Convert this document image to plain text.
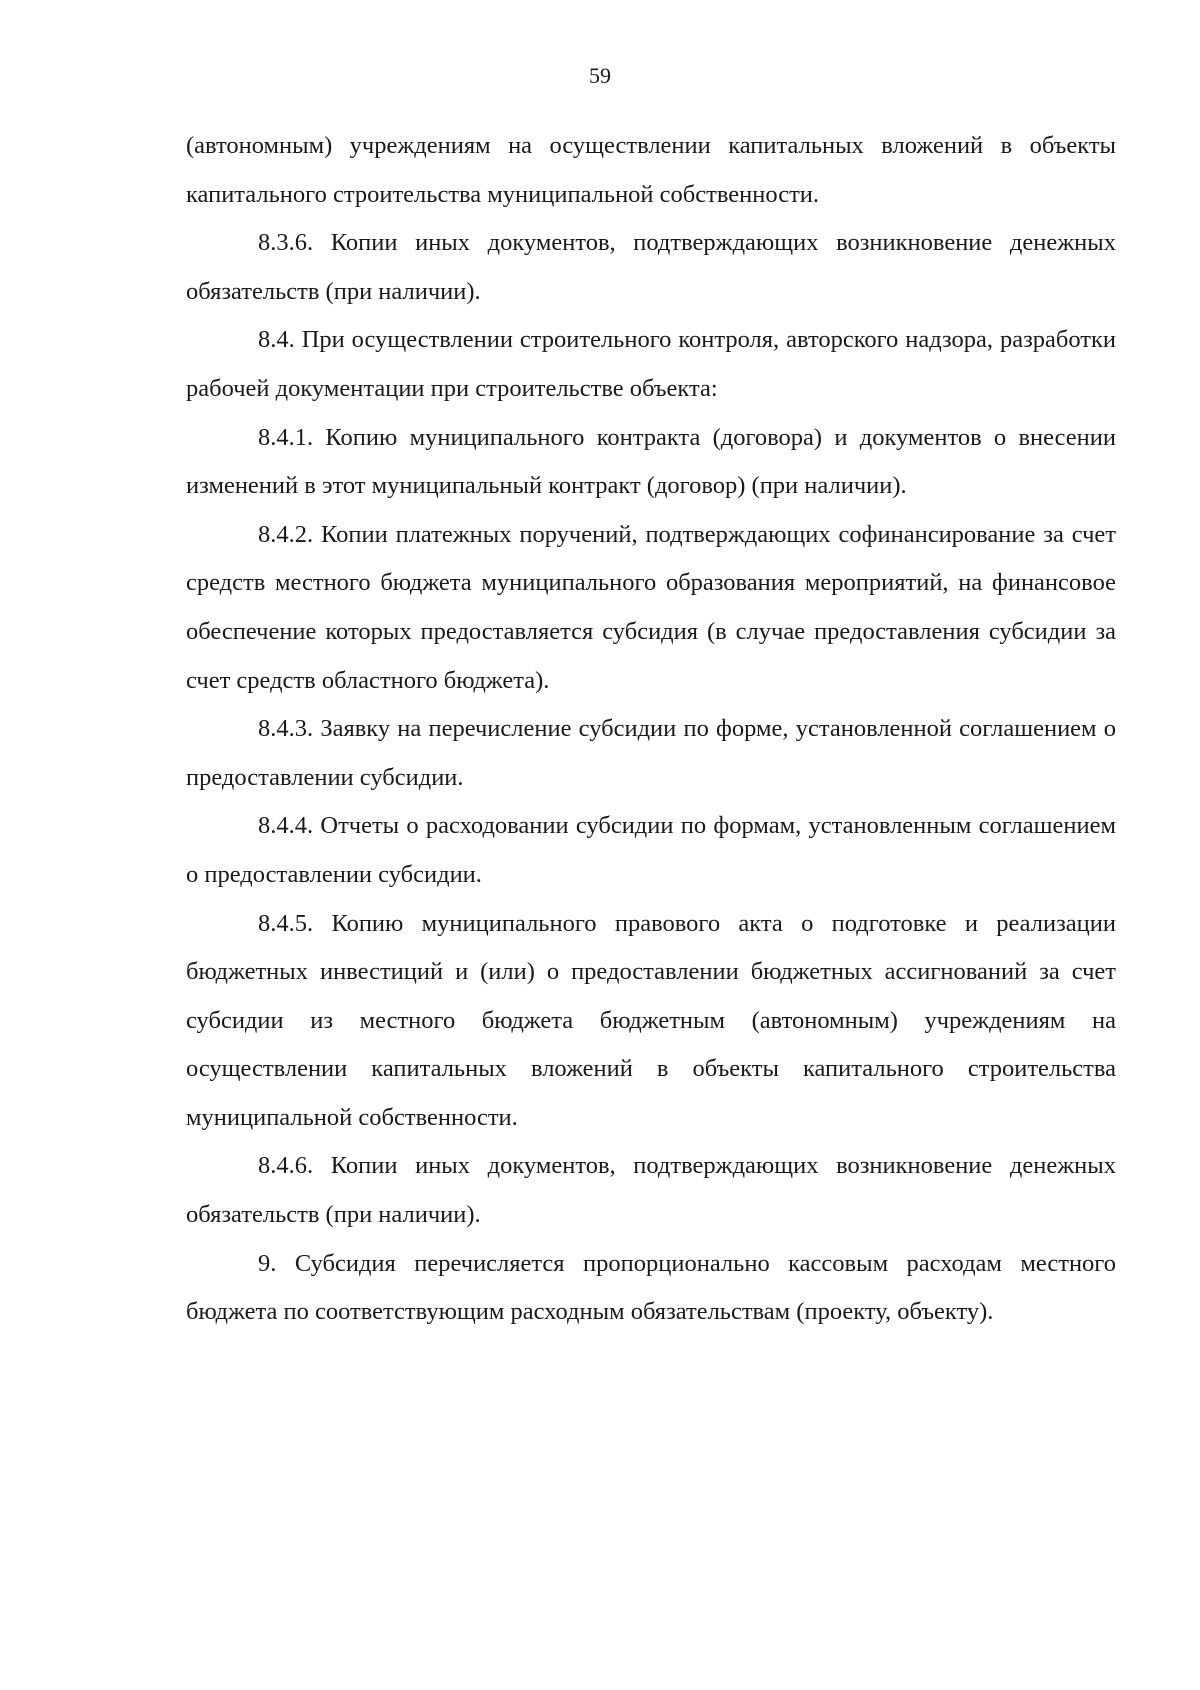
59

(автономным) учреждениям на осуществлении капитальных вложений в объекты капитального строительства муниципальной собственности.

8.3.6. Копии иных документов, подтверждающих возникновение денежных обязательств (при наличии).

8.4. При осуществлении строительного контроля, авторского надзора, разработки рабочей документации при строительстве объекта:

8.4.1. Копию муниципального контракта (договора) и документов о внесении изменений в этот муниципальный контракт (договор) (при наличии).

8.4.2. Копии платежных поручений, подтверждающих софинансирование за счет средств местного бюджета муниципального образования мероприятий, на финансовое обеспечение которых предоставляется субсидия (в случае предоставления субсидии за счет средств областного бюджета).

8.4.3. Заявку на перечисление субсидии по форме, установленной соглашением о предоставлении субсидии.

8.4.4. Отчеты о расходовании субсидии по формам, установленным соглашением о предоставлении субсидии.

8.4.5. Копию муниципального правового акта о подготовке и реализации бюджетных инвестиций и (или) о предоставлении бюджетных ассигнований за счет субсидии из местного бюджета бюджетным (автономным) учреждениям на осуществлении капитальных вложений в объекты капитального строительства муниципальной собственности.

8.4.6. Копии иных документов, подтверждающих возникновение денежных обязательств (при наличии).

9. Субсидия перечисляется пропорционально кассовым расходам местного бюджета по соответствующим расходным обязательствам (проекту, объекту).
